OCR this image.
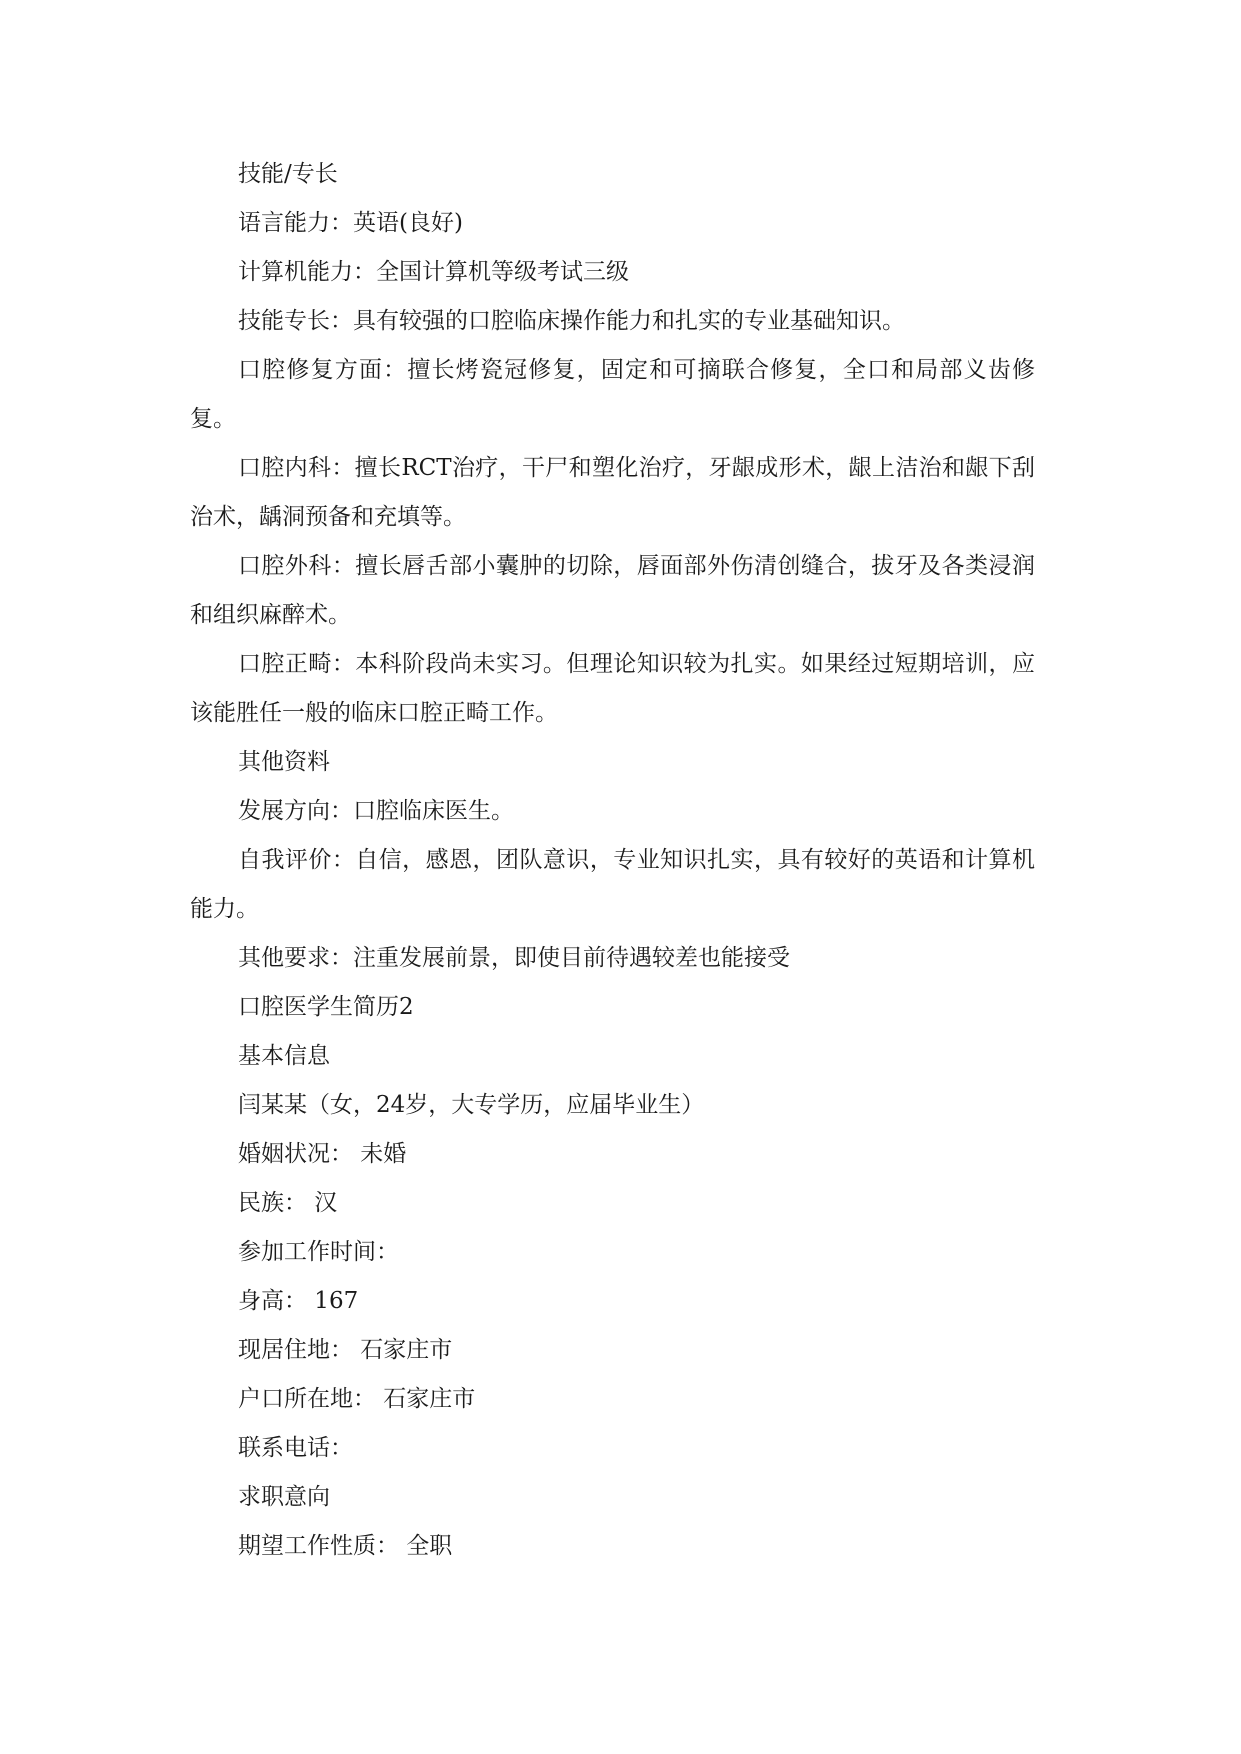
技能/专长

语言能力：英语(良好)

计算机能力：全国计算机等级考试三级

技能专长：具有较强的口腔临床操作能力和扎实的专业基础知识。

口腔修复方面：擅长烤瓷冠修复，固定和可摘联合修复，全口和局部义齿修复。

口腔内科：擅长RCT治疗，干尸和塑化治疗，牙龈成形术，龈上洁治和龈下刮治术，龋洞预备和充填等。

口腔外科：擅长唇舌部小囊肿的切除，唇面部外伤清创缝合，拔牙及各类浸润和组织麻醉术。

口腔正畸：本科阶段尚未实习。但理论知识较为扎实。如果经过短期培训，应该能胜任一般的临床口腔正畸工作。

其他资料

发展方向：口腔临床医生。

自我评价：自信，感恩，团队意识，专业知识扎实，具有较好的英语和计算机能力。

其他要求：注重发展前景，即使目前待遇较差也能接受

口腔医学生简历2

基本信息

闫某某（女，24岁，大专学历，应届毕业生）

婚姻状况： 未婚

民族： 汉

参加工作时间：

身高： 167

现居住地： 石家庄市

户口所在地： 石家庄市

联系电话：

求职意向

期望工作性质： 全职
